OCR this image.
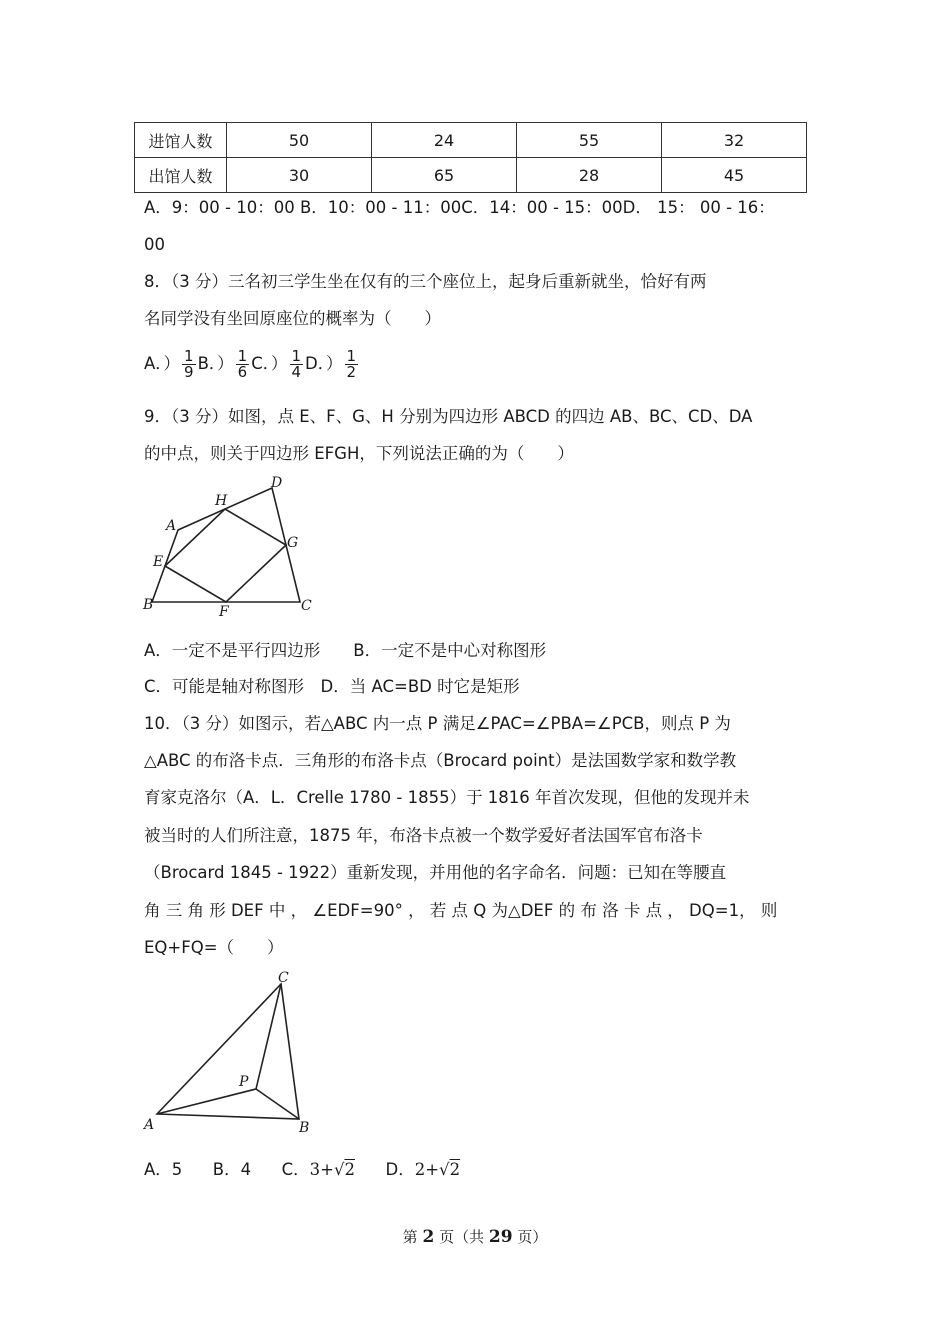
进馆人数	50	24	55	32
出馆人数	30	65	28	45
A．9：00 - 10：00 B．10：00 - 11：00C．14：00 - 15：00D． 15： 00 - 16：
00
8．（3 分）三名初三学生坐在仅有的三个座位上，起身后重新就坐，恰好有两
名同学没有坐回原座位的概率为（　　）
A．） $\frac{1}{9}$ B．） $\frac{1}{6}$ C．） $\frac{1}{4}$ D．） $\frac{1}{2}$
9．（3 分）如图，点 E、F、G、H 分别为四边形 ABCD 的四边 AB、BC、CD、DA
的中点，则关于四边形 EFGH，下列说法正确的为（　　）
A
B	C
D
E
F
G
H
A．一定不是平行四边形　　B．一定不是中心对称图形
C．可能是轴对称图形　D．当 AC=BD 时它是矩形
10．（3 分）如图示，若△ABC 内一点 P 满足∠PAC=∠PBA=∠PCB，则点 P 为
△ABC 的布洛卡点．三角形的布洛卡点（Brocard point）是法国数学家和数学教
育家克洛尔（A．L．Crelle 1780 - 1855）于 1816 年首次发现，但他的发现并未
被当时的人们所注意，1875 年，布洛卡点被一个数学爱好者法国军官布洛卡
（Brocard 1845 - 1922）重新发现，并用他的名字命名．问题：已知在等腰直
角 三 角 形 DEF 中 ， ∠EDF=90° ， 若 点 Q 为△DEF 的 布 洛 卡 点 ， DQ=1， 则
EQ+FQ=（　　）
A	B
C
P
A．5 B．4 C．3+√2 D．2+√2
第 2 页（共 29 页）
